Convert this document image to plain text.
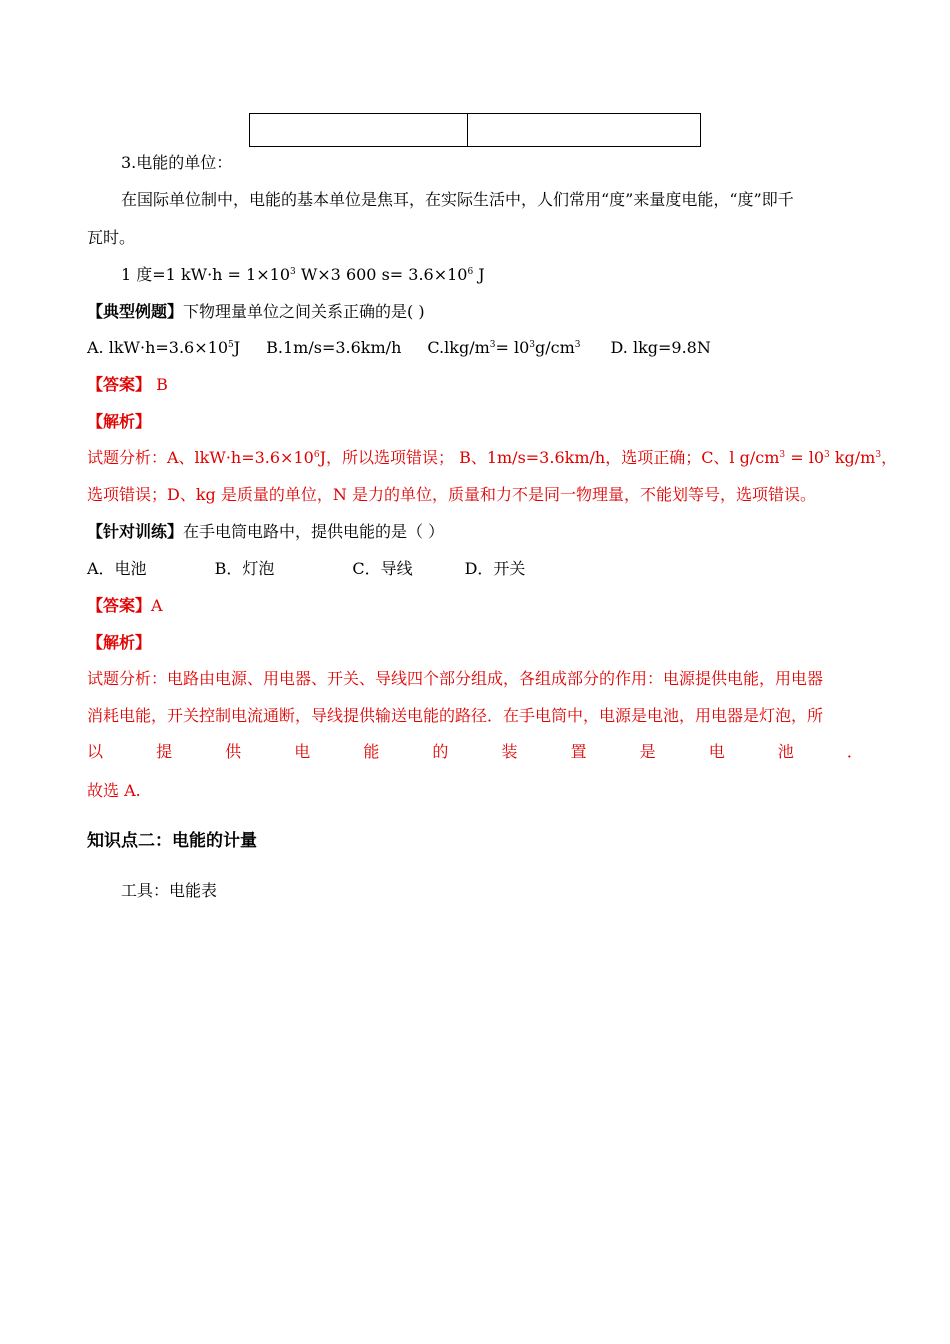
3.电能的单位：
在国际单位制中，电能的基本单位是焦耳，在实际生活中，人们常用“度”来量度电能，“度”即千
瓦时。
1 度=1 $kW\cdot h = 1\times 10^3$ W×3 600 $s= 3.6\times 10^6$ J
【典型例题】下物理量单位之间关系正确的是( )
A. $lkW\cdot h=3.6\times 10^5J$ B.1m/s=3.6km/h $C.lkg/m^3= l0^3g/cm^3$ D. lkg=9.8N
【答案】 B
【解析】
试题分析：A、$lkW\cdot h=3.6\times 10^6J$，所以选项错误； B、1m/s=3.6km/h，选项正确；C、l $g/cm^3 = l0^3$ $kg/m^3$，
选项错误；D、kg 是质量的单位，N 是力的单位，质量和力不是同一物理量，不能划等号，选项错误。
【针对训练】在手电筒电路中，提供电能的是（ ）
A．电池	B．灯泡	C．导线	D．开关
【答案】A
【解析】
试题分析：电路由电源、用电器、开关、导线四个部分组成，各组成部分的作用：电源提供电能，用电器
消耗电能，开关控制电流通断，导线提供输送电能的路径．在手电筒中，电源是电池，用电器是灯泡，所
以	提	供	电	能	的	装	置	是	电	池	．
故选 A.
知识点二：电能的计量
工具：电能表
